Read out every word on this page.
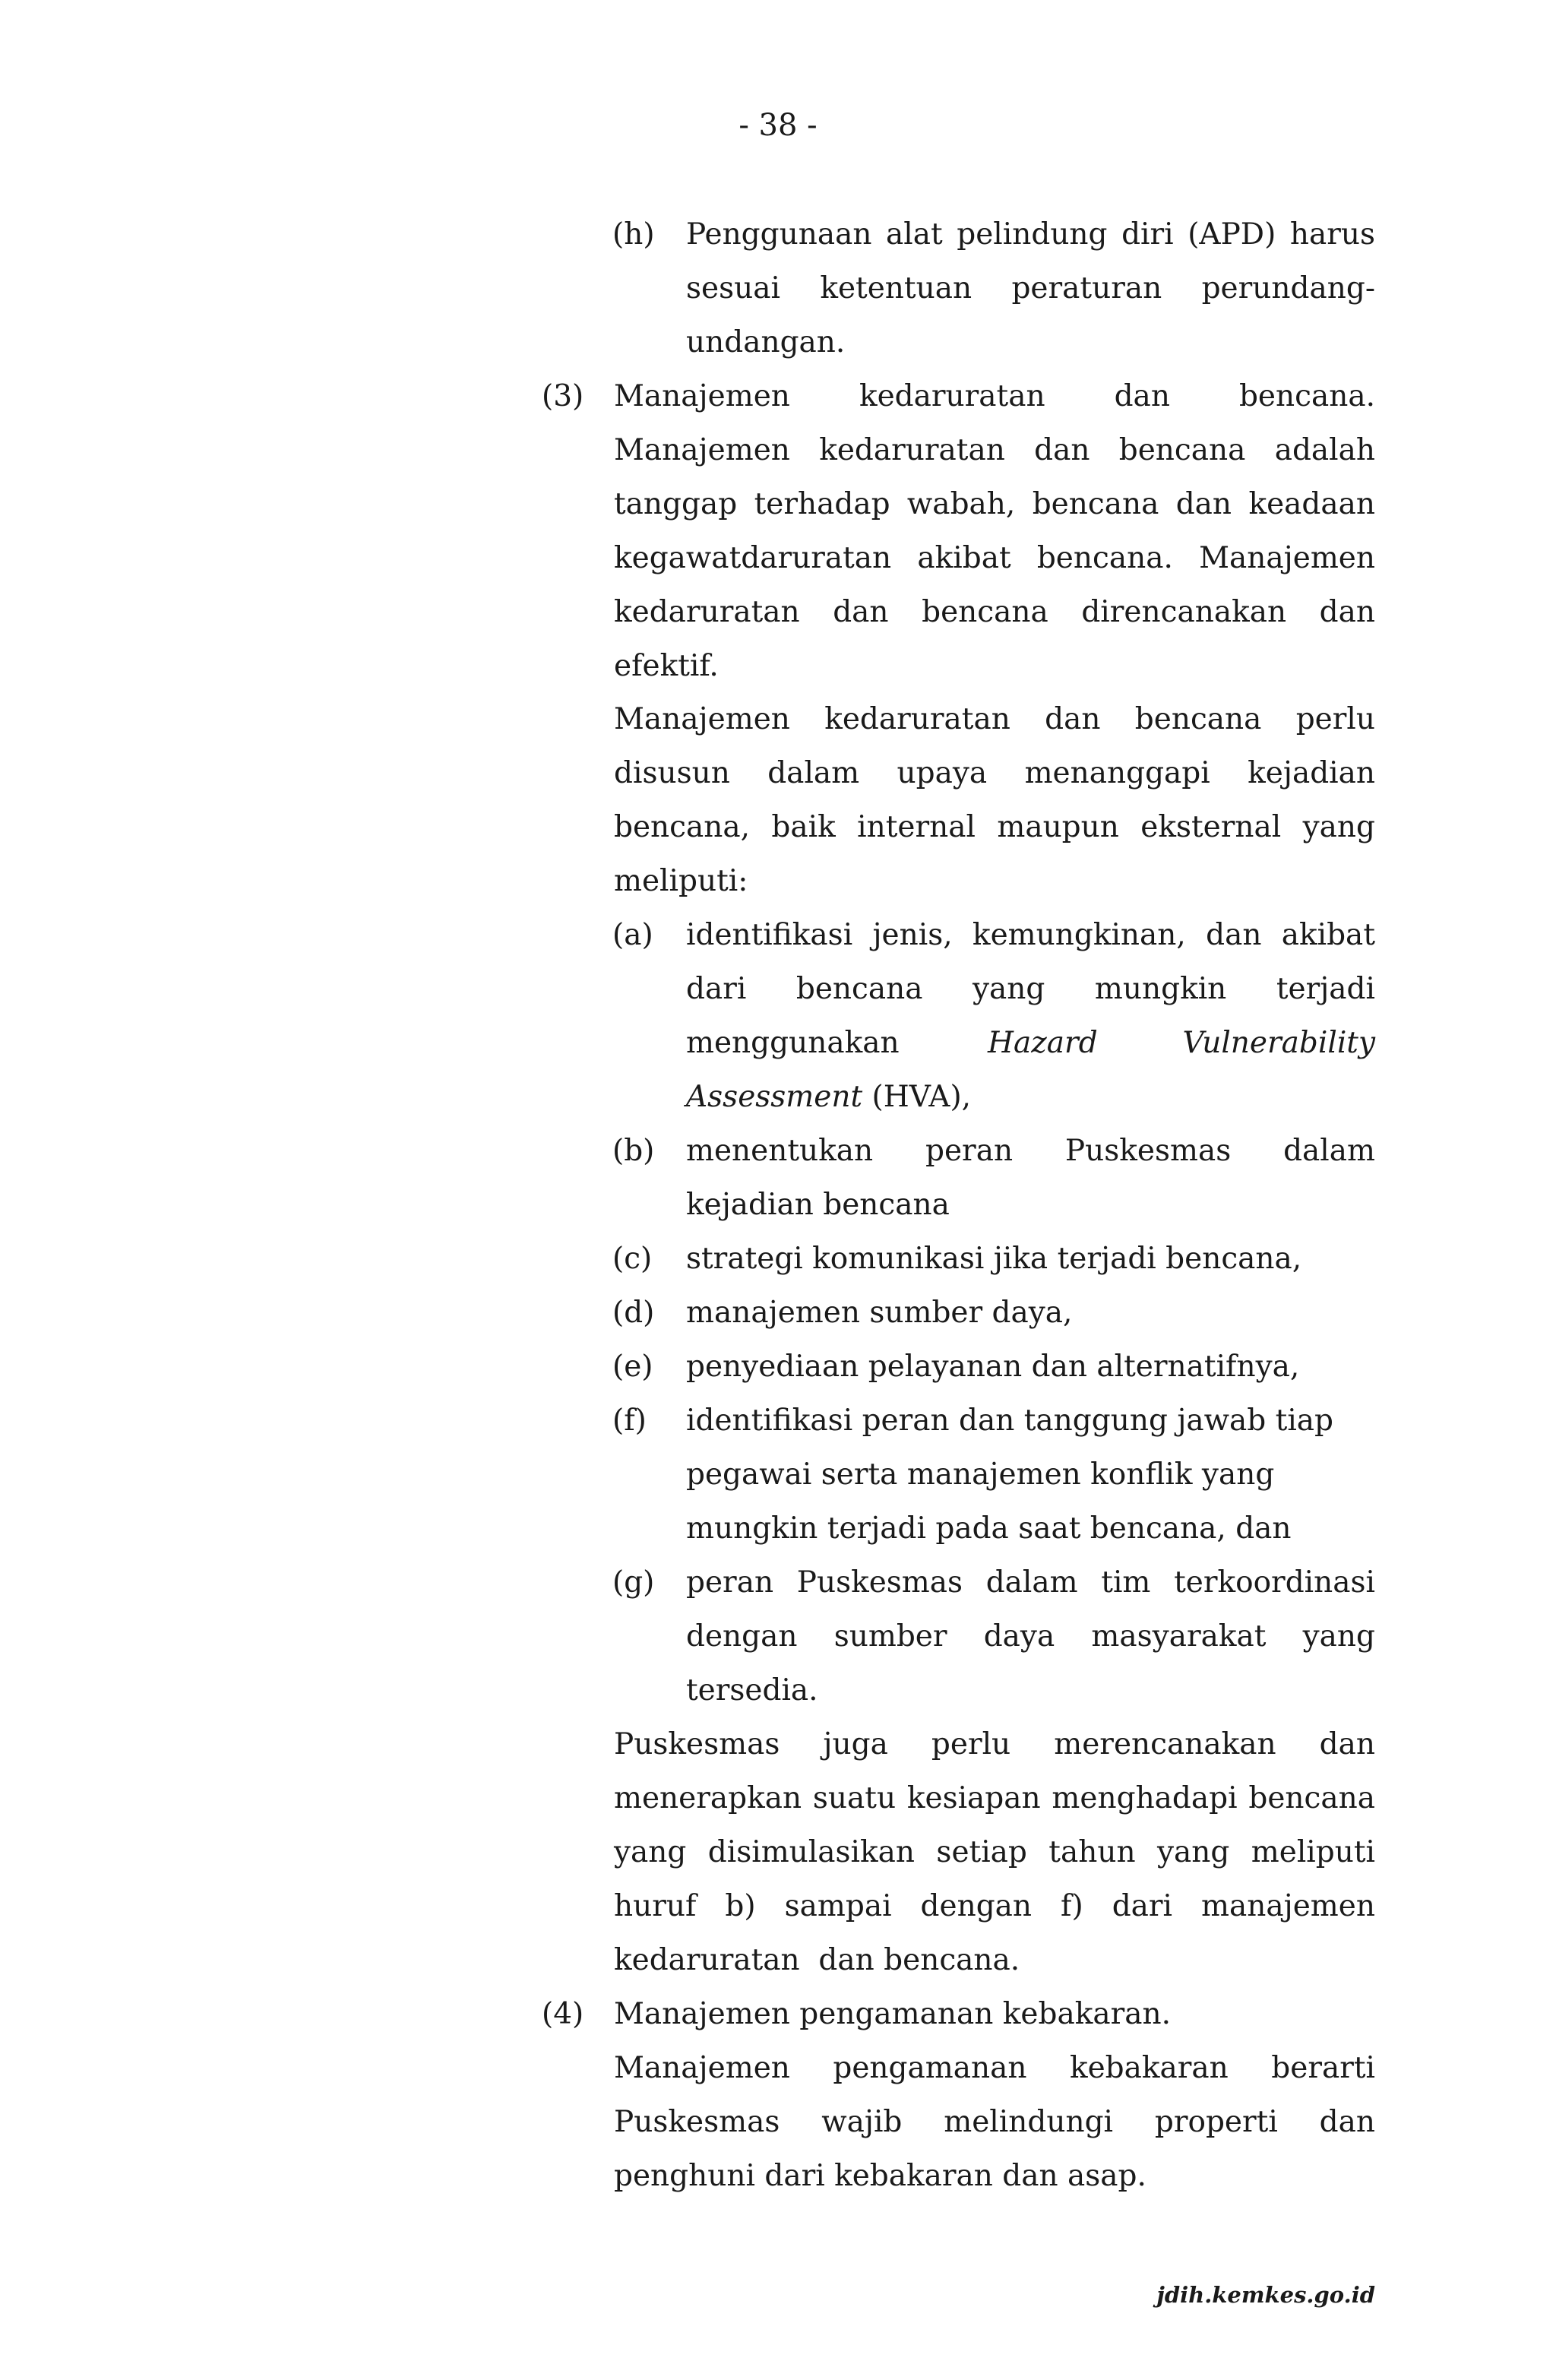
- 38 -
(h) Penggunaan alat pelindung diri (APD) harus
sesuai ketentuan peraturan perundang-
undangan.
(3) Manajemen kedaruratan dan bencana.
Manajemen kedaruratan dan bencana adalah
tanggap terhadap wabah, bencana dan keadaan
kegawatdaruratan akibat bencana. Manajemen
kedaruratan dan bencana direncanakan dan
efektif.
Manajemen kedaruratan dan bencana perlu
disusun dalam upaya menanggapi kejadian
bencana, baik internal maupun eksternal yang
meliputi:
(a) identifikasi jenis, kemungkinan, dan akibat
dari bencana yang mungkin terjadi
menggunakan	Hazard Vulnerability
Assessment (HVA),
(b) menentukan peran Puskesmas dalam
kejadian bencana
(c) strategi komunikasi jika terjadi bencana,
(d) manajemen sumber daya,
(e) penyediaan pelayanan dan alternatifnya,
(f) identifikasi peran dan tanggung jawab tiap
pegawai serta manajemen konflik yang
mungkin terjadi pada saat bencana, dan
(g) peran Puskesmas dalam tim terkoordinasi
dengan sumber daya masyarakat yang
tersedia.
Puskesmas juga perlu merencanakan dan
menerapkan suatu kesiapan menghadapi bencana
yang disimulasikan setiap tahun yang meliputi
huruf b) sampai dengan f) dari manajemen
kedaruratan  dan bencana.
(4) Manajemen pengamanan kebakaran.
Manajemen pengamanan kebakaran berarti
Puskesmas wajib melindungi properti dan
penghuni dari kebakaran dan asap.
jdih.kemkes.go.id
